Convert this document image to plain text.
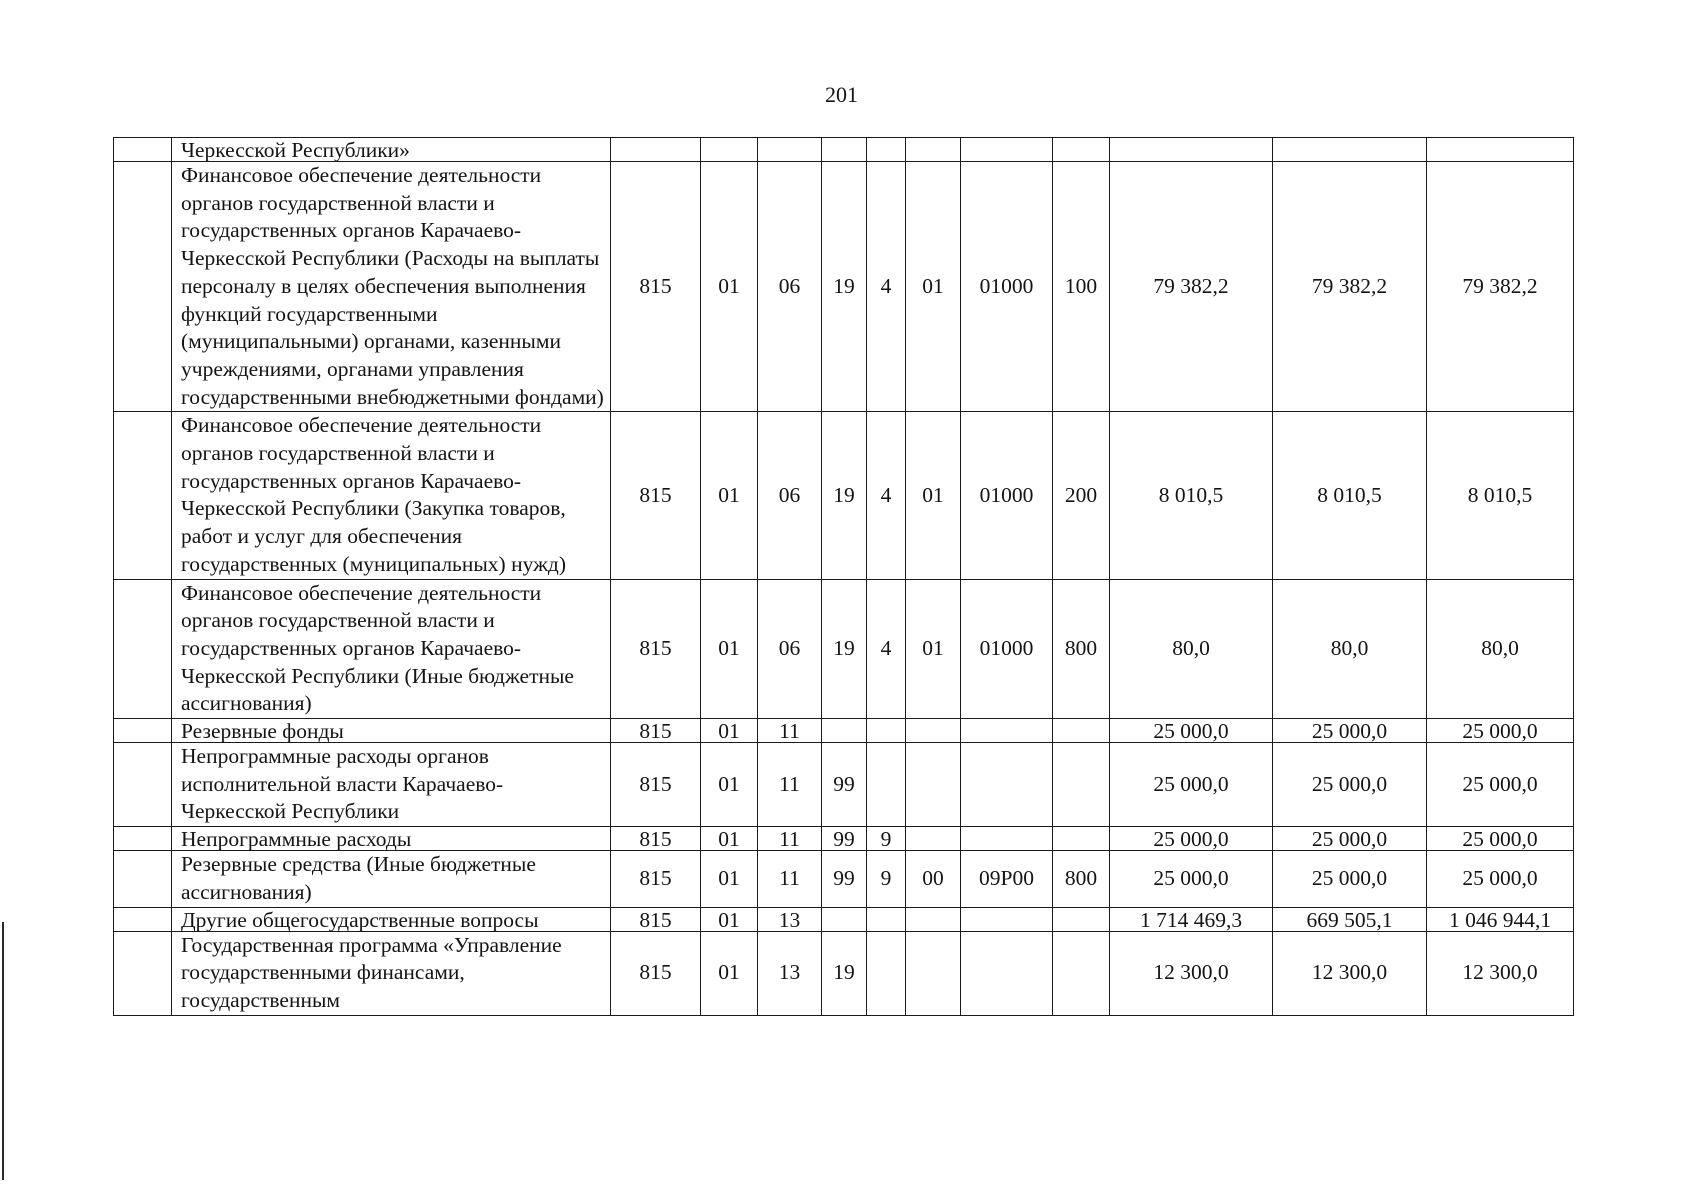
201
	Черкесской Республики»											
	Финансовое обеспечение деятельности органов государственной власти и государственных органов Карачаево-Черкесской Республики (Расходы на выплаты персоналу в целях обеспечения выполнения функций государственными (муниципальными) органами, казенными учреждениями, органами управления государственными внебюджетными фондами)	815	01	06	19	4	01	01000	100	79 382,2	79 382,2	79 382,2
	Финансовое обеспечение деятельности органов государственной власти и государственных органов Карачаево-Черкесской Республики (Закупка товаров, работ и услуг для обеспечения государственных (муниципальных) нужд)	815	01	06	19	4	01	01000	200	8 010,5	8 010,5	8 010,5
	Финансовое обеспечение деятельности органов государственной власти и государственных органов Карачаево-Черкесской Республики (Иные бюджетные ассигнования)	815	01	06	19	4	01	01000	800	80,0	80,0	80,0
	Резервные фонды	815	01	11						25 000,0	25 000,0	25 000,0
	Непрограммные расходы органов исполнительной власти Карачаево-Черкесской Республики	815	01	11	99					25 000,0	25 000,0	25 000,0
	Непрограммные расходы	815	01	11	99	9				25 000,0	25 000,0	25 000,0
	Резервные средства (Иные бюджетные ассигнования)	815	01	11	99	9	00	09Р00	800	25 000,0	25 000,0	25 000,0
	Другие общегосударственные вопросы	815	01	13						1 714 469,3	669 505,1	1 046 944,1
	Государственная программа «Управление государственными финансами, государственным	815	01	13	19					12 300,0	12 300,0	12 300,0
